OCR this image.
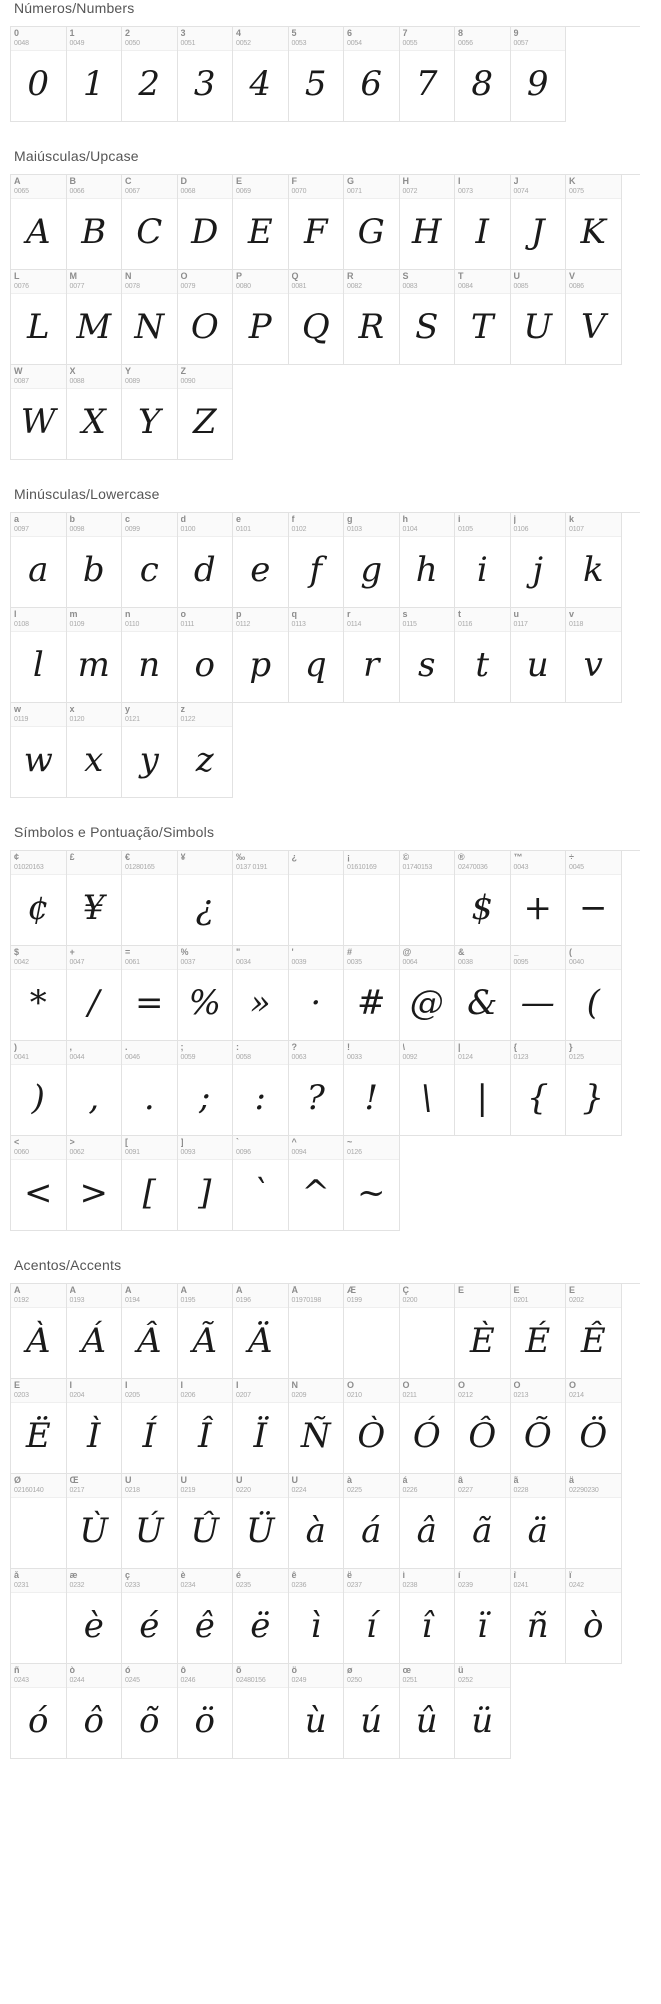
Números/Numbers
0
0048
0
1
0049
1
2
0050
2
3
0051
3
4
0052
4
5
0053
5
6
0054
6
7
0055
7
8
0056
8
9
0057
9
Maiúsculas/Upcase
A
0065
A
B
0066
B
C
0067
C
D
0068
D
E
0069
E
F
0070
F
G
0071
G
H
0072
H
I
0073
I
J
0074
J
K
0075
K
L
0076
L
M
0077
M
N
0078
N
O
0079
O
P
0080
P
Q
0081
Q
R
0082
R
S
0083
S
T
0084
T
U
0085
U
V
0086
V
W
0087
W
X
0088
X
Y
0089
Y
Z
0090
Z
Minúsculas/Lowercase
a
0097
a
b
0098
b
c
0099
c
d
0100
d
e
0101
e
f
0102
f
g
0103
g
h
0104
h
i
0105
i
j
0106
j
k
0107
k
l
0108
l
m
0109
m
n
0110
n
o
0111
o
p
0112
p
q
0113
q
r
0114
r
s
0115
s
t
0116
t
u
0117
u
v
0118
v
w
0119
w
x
0120
x
y
0121
y
z
0122
z
Símbolos e Pontuação/Simbols
¢
01020163
¢
£
¥
€
01280165
¥
¿
‰
0137 0191
¿	¡
01610169
©
01740153
®
02470036
$
™
0043
+
÷
0045
−
$
0042
*
+
0047
/
=
0061
=
%
0037
%
"
0034
»
'
0039
·
#
0035
#
@
0064
@
&
0038
&
_
0095
—
(
0040
(
)
0041
)
,
0044
,
.
0046
.
;
0059
;
:
0058
:
?
0063
?
!
0033
!
\
0092
\
|
0124
|
{
0123
{
}
0125
}
<
0060
<
>
0062
>
[
0091
[
]
0093
]
`
0096
`
^
0094
^
~
0126
~
Acentos/Accents
À
0192
À
Á
0193
Á
Â
0194
Â
Ã
0195
Ã
Ä
0196
Ä
Å
01970198
Æ
0199
Ç
0200
È
È
É
0201
É
Ê
0202
Ê
Ë
0203
Ë
Ì
0204
Ì
Í
0205
Í
Î
0206
Î
Ï
0207
Ï
Ñ
0209
Ñ
Ò
0210
Ò
Ó
0211
Ó
Ô
0212
Ô
Õ
0213
Õ
Ö
0214
Ö
Ø
02160140
Œ
0217
Ù
Ù
0218
Ú
Ú
0219
Û
Û
0220
Ü
Ü
0224
à
à
0225
á
á
0226
â
â
0227
ã
ã
0228
ä
ä
02290230
å
0231
æ
0232
è
ç
0233
é
è
0234
ê
é
0235
ë
ê
0236
ì
ë
0237
í
ì
0238
î
í
0239
ï
î
0241
ñ
ï
0242
ò
ñ
0243
ó
ò
0244
ô
ó
0245
õ
ô
0246
ö
õ
02480156
ö
0249
ù
ø
0250
ú
œ
0251
û
ü
0252
ü
